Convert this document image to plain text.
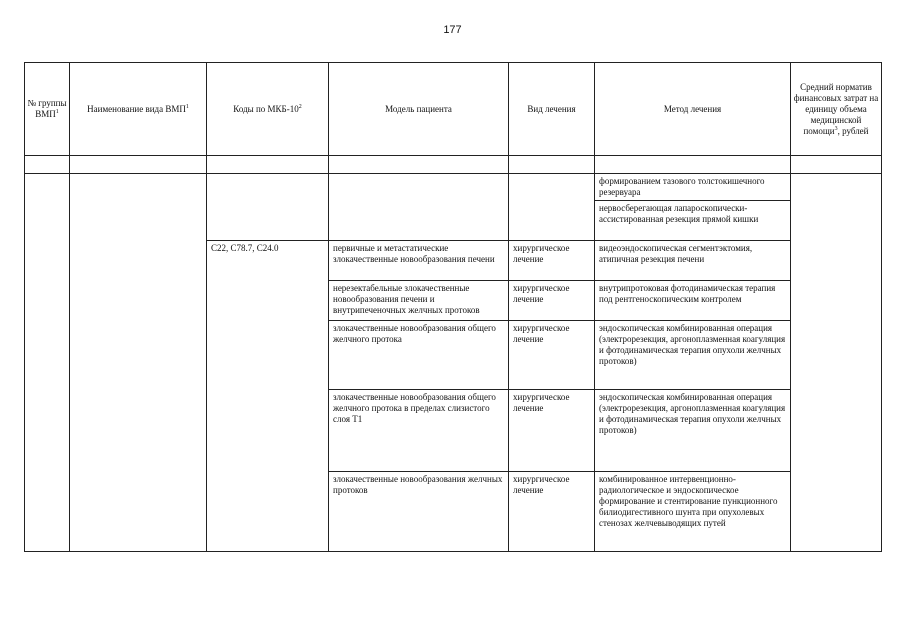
177
№ группы ВМП$^1$	Наименование вида ВМП$^1$	Коды по МКБ-$10^2$	Модель пациента	Вид лечения	Метод лечения	Средний норматив финансовых затрат на единицу объема медицинской помощи$^3$, рублей

					формированием тазового толстокишечного резервуара	
					нервосберегающая лапароскопически-ассистированная резекция прямой кишки	
		C22, C78.7, C24.0	первичные и метастатические злокачественные новообразования печени	хирургическое лечение	видеоэндоскопическая сегментэктомия, атипичная резекция печени	
			нерезектабельные злокачественные новообразования печени и внутрипеченочных желчных протоков	хирургическое лечение	внутрипротоковая фотодинамическая терапия под рентгеноскопическим контролем	
			злокачественные новообразования общего желчного протока	хирургическое лечение	эндоскопическая комбинированная операция (электрорезекция, аргоноплазменная коагуляция и фотодинамическая терапия опухоли желчных протоков)	
			злокачественные новообразования общего желчного протока в пределах слизистого слоя T1	хирургическое лечение	эндоскопическая комбинированная операция (электрорезекция, аргоноплазменная коагуляция и фотодинамическая терапия опухоли желчных протоков)	
			злокачественные новообразования желчных протоков	хирургическое лечение	комбинированное интервенционно-радиологическое и эндоскопическое формирование и стентирование пункционного билиодигестивного шунта при опухолевых стенозах желчевыводящих путей	
